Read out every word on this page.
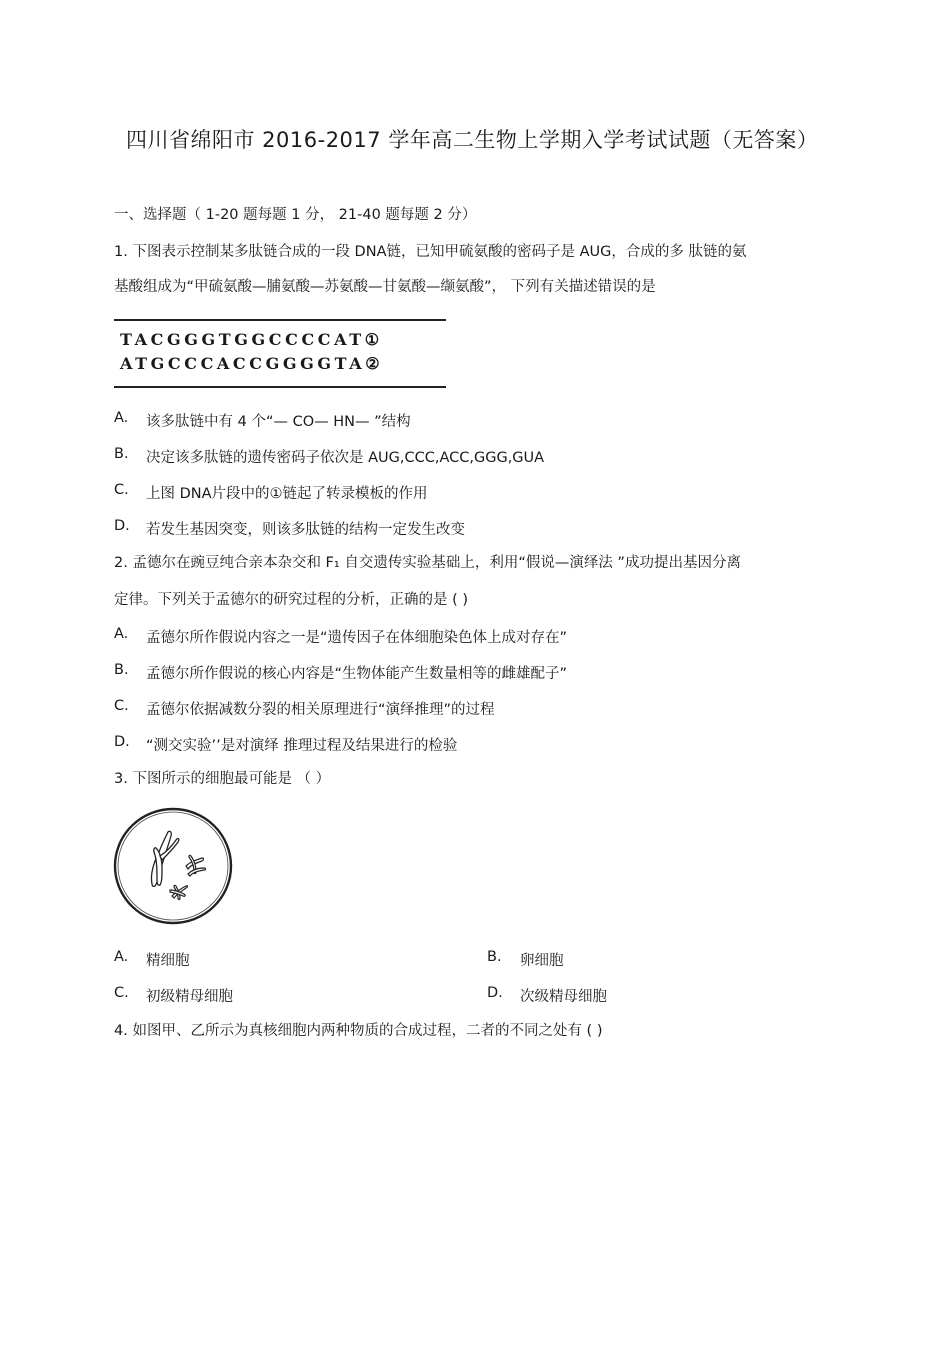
四川省绵阳市 2016-2017 学年高二生物上学期入学考试试题（无答案）
一、选择题（ 1-20 题每题 1 分， 21-40 题每题 2 分）
1. 下图表示控制某多肽链合成的一段 DNA链，已知甲硫氨酸的密码子是 AUG，合成的多 肽链的氨
基酸组成为“甲硫氨酸—脯氨酸—苏氨酸—甘氨酸—缬氨酸”， 下列有关描述错误的是
TACGGGTGGCCCCAT①
ATGCCCACCGGGGTA②
A. 该多肽链中有 4 个“— CO— HN— ”结构
B. 决定该多肽链的遗传密码子依次是 AUG,CCC,ACC,GGG,GUA
C. 上图 DNA片段中的①链起了转录模板的作用
D. 若发生基因突变，则该多肽链的结构一定发生改变
2. 孟德尔在豌豆纯合亲本杂交和 F₁ 自交遗传实验基础上，利用“假说—演绎法 ”成功提出基因分离
定律。下列关于孟德尔的研究过程的分析，正确的是 ( )
A. 孟德尔所作假说内容之一是“遗传因子在体细胞染色体上成对存在”
B. 孟德尔所作假说的核心内容是“生物体能产生数量相等的雌雄配子”
C. 孟德尔依据减数分裂的相关原理进行“演绎推理”的过程
D. “测交实验’’是对演绎 推理过程及结果进行的检验
3. 下图所示的细胞最可能是 （ ）
A. 精细胞	B. 卵细胞
C. 初级精母细胞	D. 次级精母细胞
4. 如图甲、乙所示为真核细胞内两种物质的合成过程，二者的不同之处有 ( )
